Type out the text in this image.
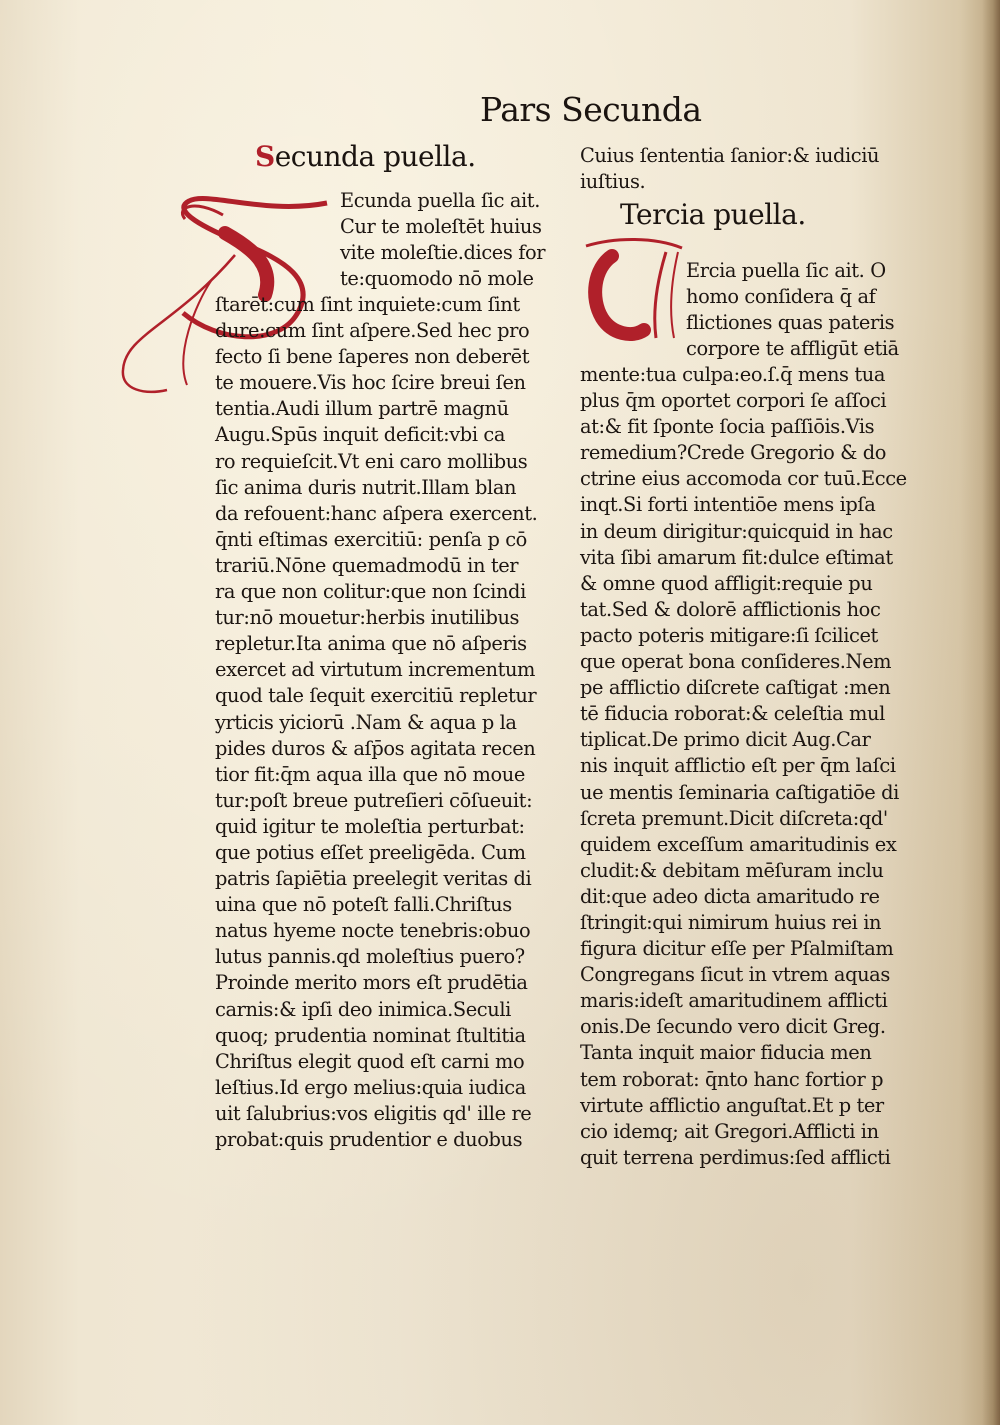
Pars Secunda
Secunda puella.
Ecunda puella ſic ait.
Cur te moleſtēt huius
vite moleſtie.dices for
te:quomodo nō mole
ſtarēt:cum ſint inquiete:cum ſint
dure:cum ſint aſpere.Sed hec pro
fecto ſi bene ſaperes non deberēt
te mouere.Vis hoc ſcire breui ſen
tentia.Audi illum partrē magnū
Augu.Spūs inquit deficit:vbi ca
ro requieſcit.Vt eni caro mollibus
ſic anima duris nutrit.Illam blan
da refouent:hanc aſpera exercent.
q̄nti eſtimas exercitiū: penſa p cō
trariū.Nōne quemadmodū in ter
ra que non colitur:que non ſcindi
tur:nō mouetur:herbis inutilibus
repletur.Ita anima que nō aſperis
exercet ad virtutum incrementum
quod tale ſequit exercitiū repletur
yrticis yiciorū .Nam & aqua p la
pides duros & aſp̄os agitata recen
tior fit:q̄m aqua illa que nō moue
tur:poſt breue putreſieri cōſueuit:
quid igitur te moleſtia perturbat:
que potius eſſet preeligēda. Cum
patris ſapiētia preelegit veritas di
uina que nō poteſt falli.Chriſtus
natus hyeme nocte tenebris:obuo
lutus pannis.qd moleſtius puero?
Proinde merito mors eſt prudētia
carnis:& ipſi deo inimica.Seculi
quoq; prudentia nominat ſtultitia
Chriſtus elegit quod eſt carni mo
leſtius.Id ergo melius:quia iudica
uit ſalubrius:vos eligitis qd' ille re
probat:quis prudentior e duobus
Cuius ſententia ſanior:& iudiciū
iuſtius.
Tercia puella.
Ercia puella ſic ait. O
homo conſidera q̄ af
flictiones quas pateris
corpore te affligūt etiā
mente:tua culpa:eo.ſ.q̄ mens tua
plus q̄m oportet corpori ſe aſſoci
at:& fit ſponte ſocia paſſiōis.Vis
remedium?Crede Gregorio & do
ctrine eius accomoda cor tuū.Ecce
inqt.Si forti intentiōe mens ipſa
in deum dirigitur:quicquid in hac
vita ſibi amarum fit:dulce eſtimat
& omne quod affligit:requie pu
tat.Sed & dolorē afflictionis hoc
pacto poteris mitigare:ſi ſcilicet
que operat bona conſideres.Nem
pe afflictio diſcrete caſtigat :men
tē fiducia roborat:& celeſtia mul
tiplicat.De primo dicit Aug.Car
nis inquit afflictio eſt per q̄m laſci
ue mentis ſeminaria caſtigatiōe di
ſcreta premunt.Dicit diſcreta:qd'
quidem exceſſum amaritudinis ex
cludit:& debitam mēſuram inclu
dit:que adeo dicta amaritudo re
ſtringit:qui nimirum huius rei in
figura dicitur eſſe per Pſalmiſtam
Congregans ſicut in vtrem aquas
maris:ideſt amaritudinem afflicti
onis.De ſecundo vero dicit Greg.
Tanta inquit maior fiducia men
tem roborat: q̄nto hanc fortior p
virtute afflictio anguſtat.Et p ter
cio idemq; ait Gregori.Afflicti in
quit terrena perdimus:ſed afflicti
